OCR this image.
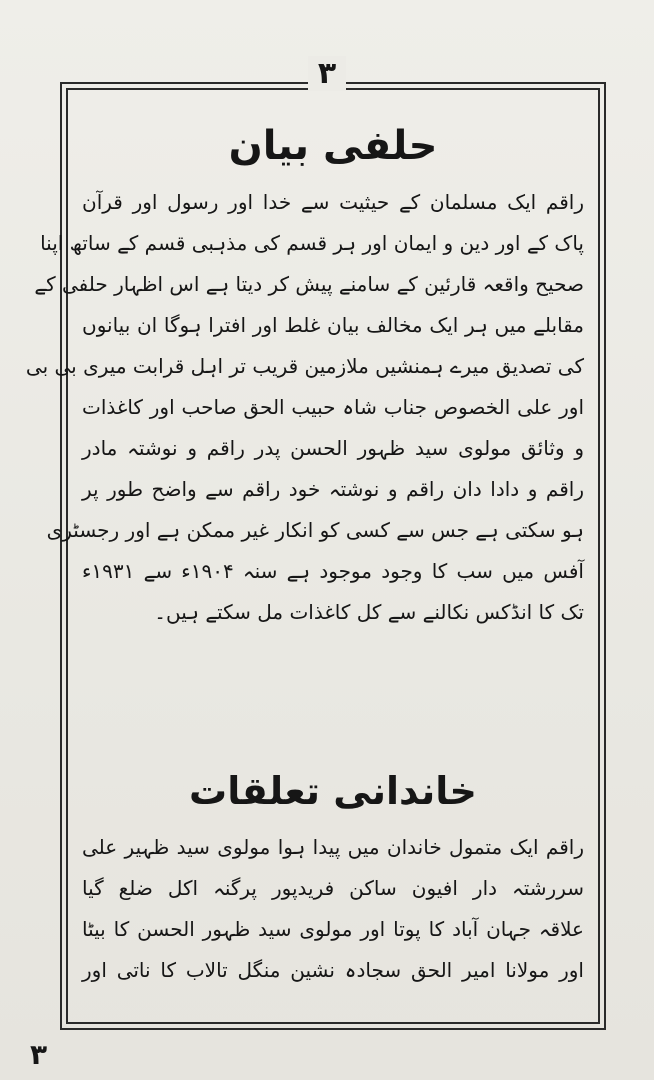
۳
حلفی بیان
راقم ایک مسلمان کے حیثیت سے خدا اور رسول اور قرآن
پاک کے اور دین و ایمان اور ہر قسم کی مذہبی قسم کے ساتھ اپنا
صحیح واقعہ قارئین کے سامنے پیش کر دیتا ہے اس اظہار حلفی کے
مقابلے میں ہر ایک مخالف بیان غلط اور افترا ہوگا ان بیانوں
کی تصدیق میرے ہمنشیں ملازمین قریب تر اہل قرابت میری بی بی
اور علی الخصوص جناب شاہ حبیب الحق صاحب اور کاغذات
و وثائق مولوی سید ظہور الحسن پدر راقم و نوشتہ مادر
راقم و دادا دان راقم و نوشتہ خود راقم سے واضح طور پر
ہو سکتی ہے جس سے کسی کو انکار غیر ممکن ہے اور رجسٹری
آفس میں سب کا وجود موجود ہے سنہ ۱۹۰۴ء سے ۱۹۳۱ء
تک کا انڈکس نکالنے سے کل کاغذات مل سکتے ہیں۔
خاندانی تعلقات
راقم ایک متمول خاندان میں پیدا ہوا مولوی سید ظہیر علی
سررشتہ دار افیون ساکن فریدپور پرگنہ اکل ضلع گیا
علاقہ جہان آباد کا پوتا اور مولوی سید ظہور الحسن کا بیٹا
اور مولانا امیر الحق سجادہ نشین منگل تالاب کا ناتی اور
۳
